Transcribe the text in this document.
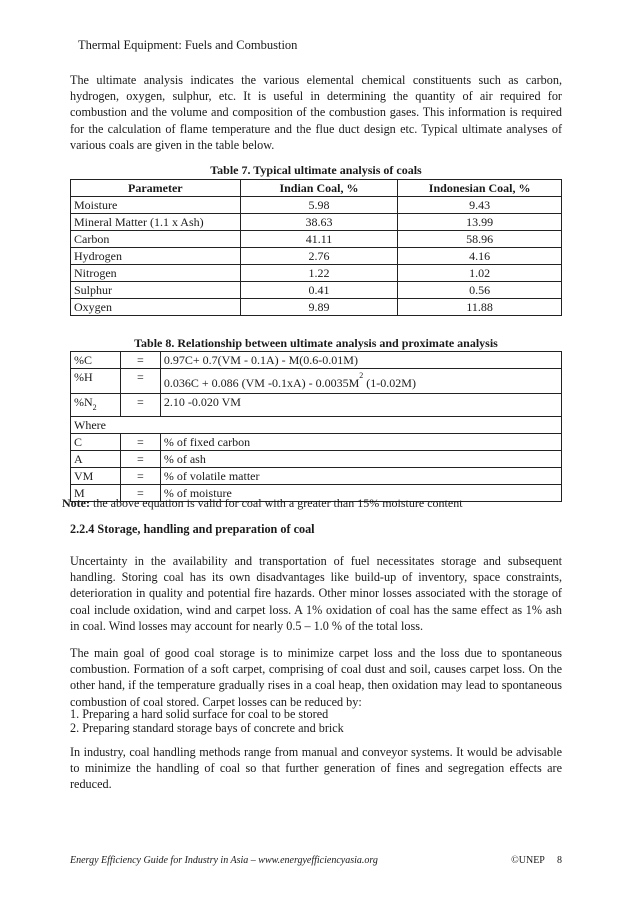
Thermal Equipment: Fuels and Combustion
The ultimate analysis indicates the various elemental chemical constituents such as carbon, hydrogen, oxygen, sulphur, etc. It is useful in determining the quantity of air required for combustion and the volume and composition of the combustion gases. This information is required for the calculation of flame temperature and the flue duct design etc. Typical ultimate analyses of various coals are given in the table below.
Table 7. Typical ultimate analysis of coals
Parameter	Indian Coal, %	Indonesian Coal, %
Moisture	5.98	9.43
Mineral Matter (1.1 x Ash)	38.63	13.99
Carbon	41.11	58.96
Hydrogen	2.76	4.16
Nitrogen	1.22	1.02
Sulphur	0.41	0.56
Oxygen	9.89	11.88
Table 8. Relationship between ultimate analysis and proximate analysis
%C	=	0.97C+ 0.7(VM - 0.1A) - M(0.6-0.01M)
%H	=	0.036C + 0.086 (VM $-0.1xA) - 0.0035M^2$ (1-0.02M)
$\%N_2$	=	2.10 -0.020 VM
Where		
C	=	% of fixed carbon
A	=	% of ash
VM	=	% of volatile matter
M	=	% of moisture
Note: the above equation is valid for coal with a greater than 15% moisture content
2.2.4 Storage, handling and preparation of coal
Uncertainty in the availability and transportation of fuel necessitates storage and subsequent handling. Storing coal has its own disadvantages like build-up of inventory, space constraints, deterioration in quality and potential fire hazards. Other minor losses associated with the storage of coal include oxidation, wind and carpet loss. A 1% oxidation of coal has the same effect as 1% ash in coal. Wind losses may account for nearly 0.5 – 1.0 % of the total loss.
The main goal of good coal storage is to minimize carpet loss and the loss due to spontaneous combustion. Formation of a soft carpet, comprising of coal dust and soil, causes carpet loss. On the other hand, if the temperature gradually rises in a coal heap, then oxidation may lead to spontaneous combustion of coal stored. Carpet losses can be reduced by:
1. Preparing a hard solid surface for coal to be stored
2. Preparing standard storage bays of concrete and brick
In industry, coal handling methods range from manual and conveyor systems. It would be advisable to minimize the handling of coal so that further generation of fines and segregation effects are reduced.
Energy Efficiency Guide for Industry in Asia – www.energyefficiencyasia.org	©UNEP     8
